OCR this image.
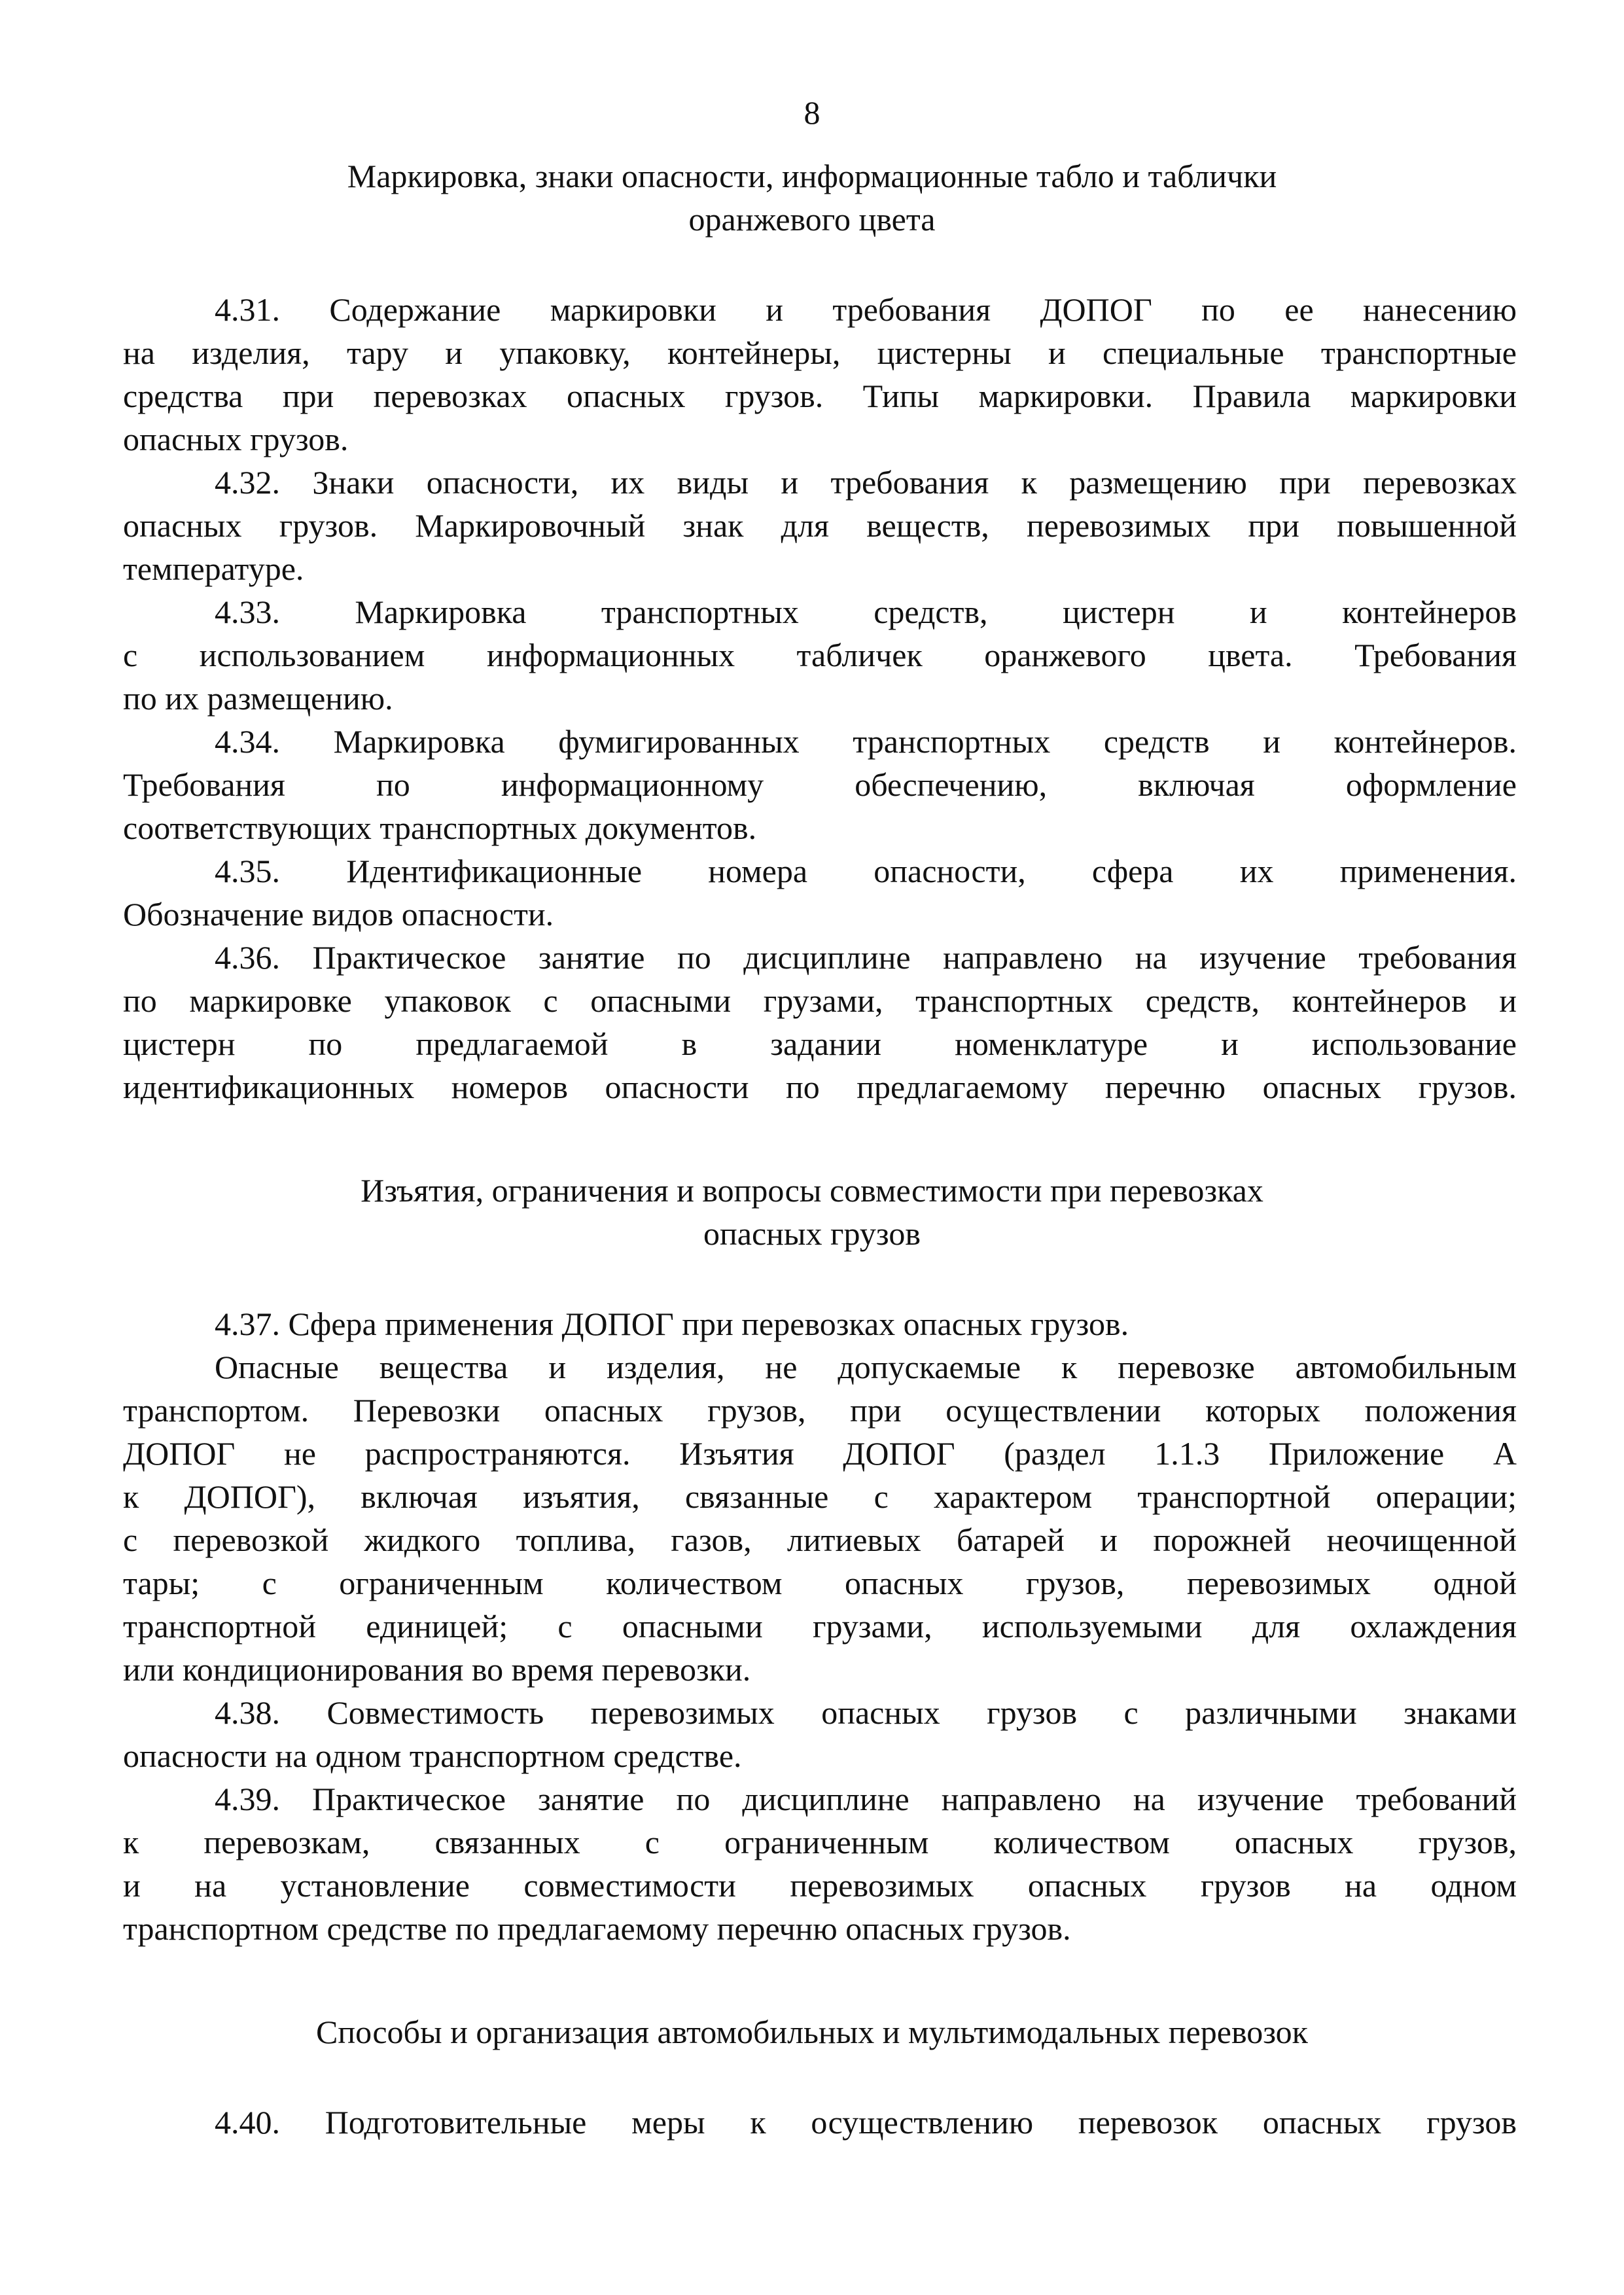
8
Маркировка, знаки опасности, информационные табло и таблички
оранжевого цвета
4.31. Содержание маркировки и требования ДОПОГ по ее нанесению
на изделия, тару и упаковку, контейнеры, цистерны и специальные транспортные
средства при перевозках опасных грузов. Типы маркировки. Правила маркировки
опасных грузов.
4.32. Знаки опасности, их виды и требования к размещению при перевозках
опасных грузов. Маркировочный знак для веществ, перевозимых при повышенной
температуре.
4.33. Маркировка транспортных средств, цистерн и контейнеров
с использованием информационных табличек оранжевого цвета. Требования
по их размещению.
4.34. Маркировка фумигированных транспортных средств и контейнеров.
Требования по информационному обеспечению, включая оформление
соответствующих транспортных документов.
4.35. Идентификационные номера опасности, сфера их применения.
Обозначение видов опасности.
4.36. Практическое занятие по дисциплине направлено на изучение требования
по маркировке упаковок с опасными грузами, транспортных средств, контейнеров и
цистерн по предлагаемой в задании номенклатуре и использование
идентификационных номеров опасности по предлагаемому перечню опасных грузов.
Изъятия, ограничения и вопросы совместимости при перевозках
опасных грузов
4.37. Сфера применения ДОПОГ при перевозках опасных грузов.
Опасные вещества и изделия, не допускаемые к перевозке автомобильным
транспортом. Перевозки опасных грузов, при осуществлении которых положения
ДОПОГ не распространяются. Изъятия ДОПОГ (раздел 1.1.3 Приложение А
к ДОПОГ), включая изъятия, связанные с характером транспортной операции;
с перевозкой жидкого топлива, газов, литиевых батарей и порожней неочищенной
тары; с ограниченным количеством опасных грузов, перевозимых одной
транспортной единицей; с опасными грузами, используемыми для охлаждения
или кондиционирования во время перевозки.
4.38. Совместимость перевозимых опасных грузов с различными знаками
опасности на одном транспортном средстве.
4.39. Практическое занятие по дисциплине направлено на изучение требований
к перевозкам, связанных с ограниченным количеством опасных грузов,
и на установление совместимости перевозимых опасных грузов на одном
транспортном средстве по предлагаемому перечню опасных грузов.
Способы и организация автомобильных и мультимодальных перевозок
4.40. Подготовительные меры к осуществлению перевозок опасных грузов
